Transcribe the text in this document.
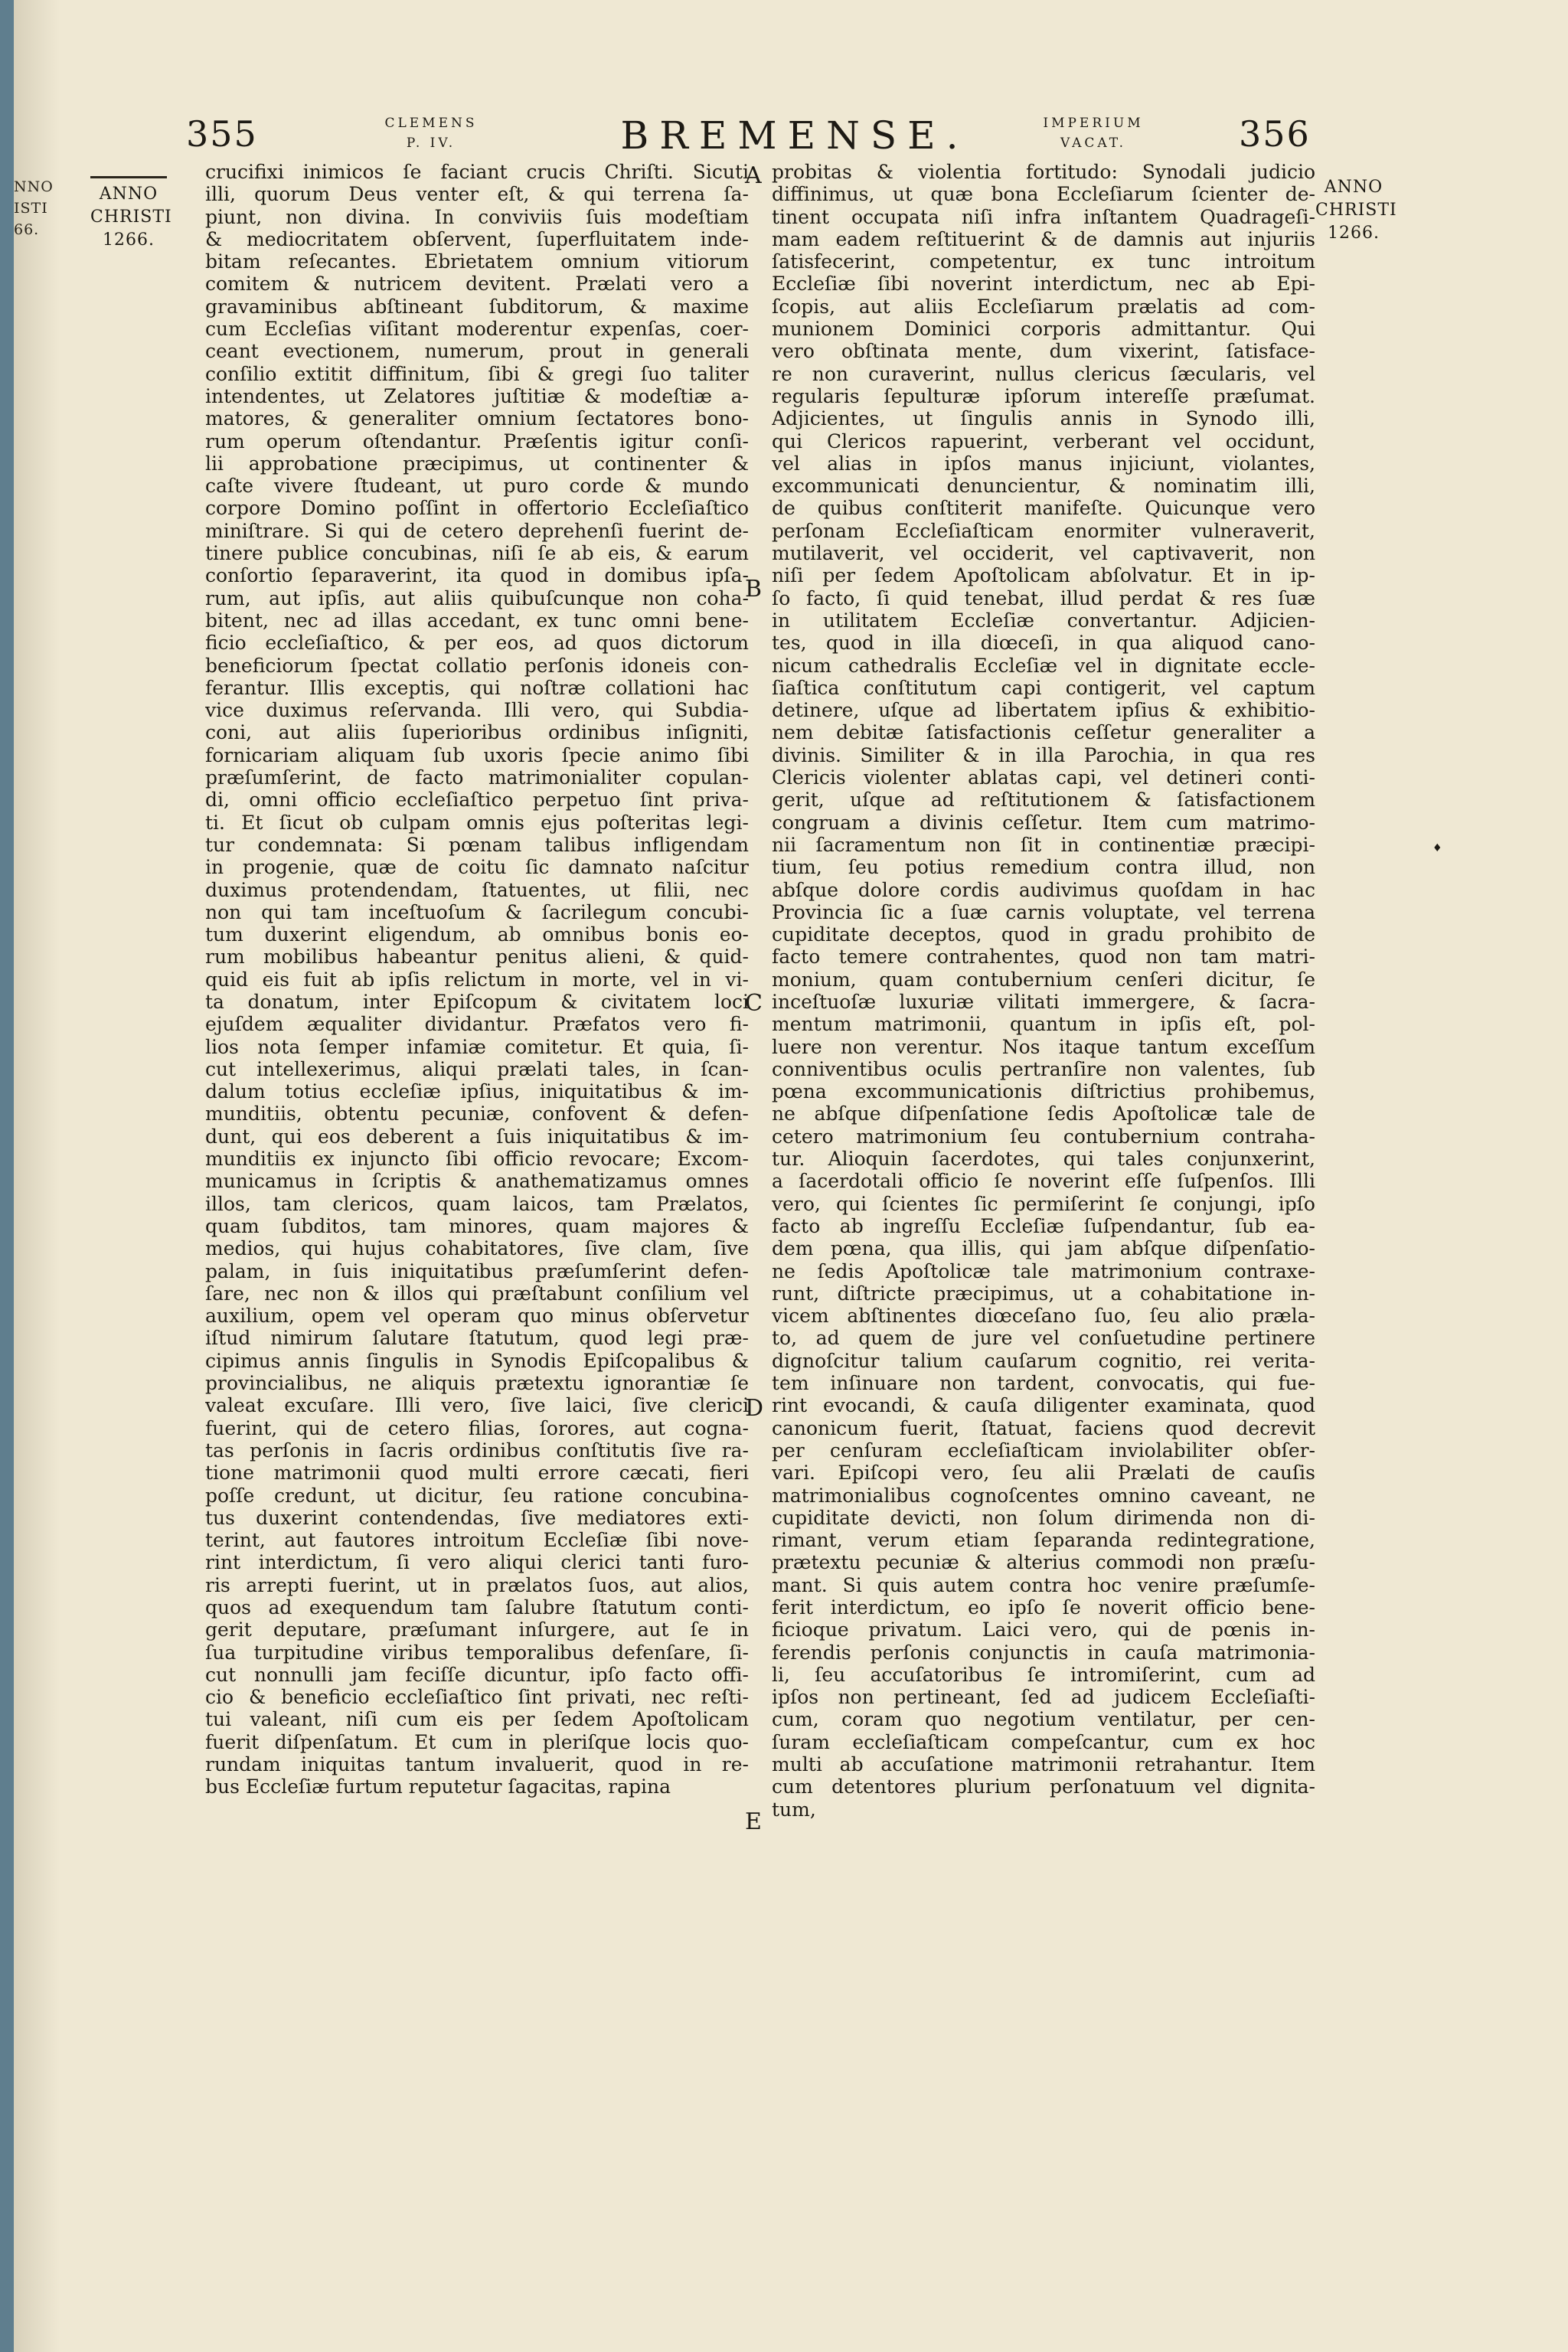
NNO
ISTI
66.
355	CLEMENS
P. IV.	BREMENSE.	IMPERIUM
VACAT.	356
ANNO
CHRISTI
1266.
ANNO
CHRISTI
1266.
crucifixi inimicos ſe faciant crucis Chriſti. Sicuti
illi, quorum Deus venter eſt, & qui terrena ſa-
piunt, non divina. In conviviis ſuis modeſtiam
& mediocritatem obſervent, ſuperfluitatem inde-
bitam reſecantes. Ebrietatem omnium vitiorum
comitem & nutricem devitent. Prælati vero a
gravaminibus abſtineant ſubditorum, & maxime
cum Eccleſias viſitant moderentur expenſas, coer-
ceant evectionem, numerum, prout in generali
conſilio extitit diffinitum, ſibi & gregi ſuo taliter
intendentes, ut Zelatores juſtitiæ & modeſtiæ a-
matores, & generaliter omnium ſectatores bono-
rum operum oſtendantur. Præſentis igitur conſi-
lii approbatione præcipimus, ut continenter &
caſte vivere ſtudeant, ut puro corde & mundo
corpore Domino poſſint in offertorio Eccleſiaſtico
miniſtrare. Si qui de cetero deprehenſi fuerint de-
tinere publice concubinas, niſi ſe ab eis, & earum
conſortio ſeparaverint, ita quod in domibus ipſa-
rum, aut ipſis, aut aliis quibuſcunque non coha-
bitent, nec ad illas accedant, ex tunc omni bene-
ficio eccleſiaſtico, & per eos, ad quos dictorum
beneficiorum ſpectat collatio perſonis idoneis con-
ferantur. Illis exceptis, qui noſtræ collationi hac
vice duximus reſervanda. Illi vero, qui Subdia-
coni, aut aliis ſuperioribus ordinibus inſigniti,
fornicariam aliquam ſub uxoris ſpecie animo ſibi
præſumſerint, de facto matrimonialiter copulan-
di, omni officio eccleſiaſtico perpetuo ſint priva-
ti. Et ſicut ob culpam omnis ejus poſteritas legi-
tur condemnata: Si pœnam talibus infligendam
in progenie, quæ de coitu ſic damnato naſcitur
duximus protendendam, ſtatuentes, ut filii, nec
non qui tam inceſtuoſum & ſacrilegum concubi-
tum duxerint eligendum, ab omnibus bonis eo-
rum mobilibus habeantur penitus alieni, & quid-
quid eis fuit ab ipſis relictum in morte, vel in vi-
ta donatum, inter Epiſcopum & civitatem loci
ejuſdem æqualiter dividantur. Præfatos vero fi-
lios nota ſemper infamiæ comitetur. Et quia, ſi-
cut intellexerimus, aliqui prælati tales, in ſcan-
dalum totius eccleſiæ ipſius, iniquitatibus & im-
munditiis, obtentu pecuniæ, confovent & defen-
dunt, qui eos deberent a ſuis iniquitatibus & im-
munditiis ex injuncto ſibi officio revocare; Excom-
municamus in ſcriptis & anathematizamus omnes
illos, tam clericos, quam laicos, tam Prælatos,
quam ſubditos, tam minores, quam majores &
medios, qui hujus cohabitatores, ſive clam, ſive
palam, in ſuis iniquitatibus præſumſerint defen-
ſare, nec non & illos qui præſtabunt conſilium vel
auxilium, opem vel operam quo minus obſervetur
iſtud nimirum ſalutare ſtatutum, quod legi præ-
cipimus annis ſingulis in Synodis Epiſcopalibus &
provincialibus, ne aliquis prætextu ignorantiæ ſe
valeat excuſare. Illi vero, ſive laici, ſive clerici
fuerint, qui de cetero filias, ſorores, aut cogna-
tas perſonis in ſacris ordinibus conſtitutis ſive ra-
tione matrimonii quod multi errore cæcati, fieri
poſſe credunt, ut dicitur, ſeu ratione concubina-
tus duxerint contendendas, ſive mediatores exti-
terint, aut fautores introitum Eccleſiæ ſibi nove-
rint interdictum, ſi vero aliqui clerici tanti furo-
ris arrepti fuerint, ut in prælatos ſuos, aut alios,
quos ad exequendum tam ſalubre ſtatutum conti-
gerit deputare, præſumant inſurgere, aut ſe in
ſua turpitudine viribus temporalibus defenſare, ſi-
cut nonnulli jam feciſſe dicuntur, ipſo facto offi-
cio & beneficio eccleſiaſtico ſint privati, nec reſti-
tui valeant, niſi cum eis per ſedem Apoſtolicam
fuerit diſpenſatum. Et cum in pleriſque locis quo-
rundam iniquitas tantum invaluerit, quod in re-
bus Eccleſiæ furtum reputetur ſagacitas, rapina
probitas & violentia fortitudo: Synodali judicio
diffinimus, ut quæ bona Eccleſiarum ſcienter de-
tinent occupata niſi infra inſtantem Quadrageſi-
mam eadem reſtituerint & de damnis aut injuriis
ſatisfecerint, competentur, ex tunc introitum
Eccleſiæ ſibi noverint interdictum, nec ab Epi-
ſcopis, aut aliis Eccleſiarum prælatis ad com-
munionem Dominici corporis admittantur. Qui
vero obſtinata mente, dum vixerint, ſatisface-
re non curaverint, nullus clericus ſæcularis, vel
regularis ſepulturæ ipſorum intereſſe præſumat.
Adjicientes, ut ſingulis annis in Synodo illi,
qui Clericos rapuerint, verberant vel occidunt,
vel alias in ipſos manus injiciunt, violantes,
excommunicati denuncientur, & nominatim illi,
de quibus conſtiterit manifeſte. Quicunque vero
perſonam Eccleſiaſticam enormiter vulneraverit,
mutilaverit, vel occiderit, vel captivaverit, non
niſi per ſedem Apoſtolicam abſolvatur. Et in ip-
ſo facto, ſi quid tenebat, illud perdat & res ſuæ
in utilitatem Eccleſiæ convertantur. Adjicien-
tes, quod in illa diœceſi, in qua aliquod cano-
nicum cathedralis Eccleſiæ vel in dignitate eccle-
ſiaſtica conſtitutum capi contigerit, vel captum
detinere, uſque ad libertatem ipſius & exhibitio-
nem debitæ ſatisfactionis ceſſetur generaliter a
divinis. Similiter & in illa Parochia, in qua res
Clericis violenter ablatas capi, vel detineri conti-
gerit, uſque ad reſtitutionem & ſatisfactionem
congruam a divinis ceſſetur. Item cum matrimo-
nii ſacramentum non ſit in continentiæ præcipi-
tium, ſeu potius remedium contra illud, non
abſque dolore cordis audivimus quoſdam in hac
Provincia ſic a ſuæ carnis voluptate, vel terrena
cupiditate deceptos, quod in gradu prohibito de
facto temere contrahentes, quod non tam matri-
monium, quam contubernium cenſeri dicitur, ſe
inceſtuoſæ luxuriæ vilitati immergere, & ſacra-
mentum matrimonii, quantum in ipſis eſt, pol-
luere non verentur. Nos itaque tantum exceſſum
conniventibus oculis pertranſire non valentes, ſub
pœna excommunicationis diſtrictius prohibemus,
ne abſque diſpenſatione ſedis Apoſtolicæ tale de
cetero matrimonium ſeu contubernium contraha-
tur. Alioquin ſacerdotes, qui tales conjunxerint,
a ſacerdotali officio ſe noverint eſſe ſuſpenſos. Illi
vero, qui ſcientes ſic permiſerint ſe conjungi, ipſo
facto ab ingreſſu Eccleſiæ ſuſpendantur, ſub ea-
dem pœna, qua illis, qui jam abſque diſpenſatio-
ne ſedis Apoſtolicæ tale matrimonium contraxe-
runt, diſtricte præcipimus, ut a cohabitatione in-
vicem abſtinentes diœceſano ſuo, ſeu alio præla-
to, ad quem de jure vel conſuetudine pertinere
dignoſcitur talium cauſarum cognitio, rei verita-
tem inſinuare non tardent, convocatis, qui fue-
rint evocandi, & cauſa diligenter examinata, quod
canonicum fuerit, ſtatuat, faciens quod decrevit
per cenſuram eccleſiaſticam inviolabiliter obſer-
vari. Epiſcopi vero, ſeu alii Prælati de cauſis
matrimonialibus cognoſcentes omnino caveant, ne
cupiditate devicti, non ſolum dirimenda non di-
rimant, verum etiam ſeparanda redintegratione,
prætextu pecuniæ & alterius commodi non præſu-
mant. Si quis autem contra hoc venire præſumſe-
ferit interdictum, eo ipſo ſe noverit officio bene-
ficioque privatum. Laici vero, qui de pœnis in-
ferendis perſonis conjunctis in cauſa matrimonia-
li, ſeu accuſatoribus ſe intromiſerint, cum ad
ipſos non pertineant, ſed ad judicem Eccleſiaſti-
cum, coram quo negotium ventilatur, per cen-
ſuram eccleſiaſticam compeſcantur, cum ex hoc
multi ab accuſatione matrimonii retrahantur. Item
cum detentores plurium perſonatuum vel dignita-
tum,
A
B
C
D
E
♦
